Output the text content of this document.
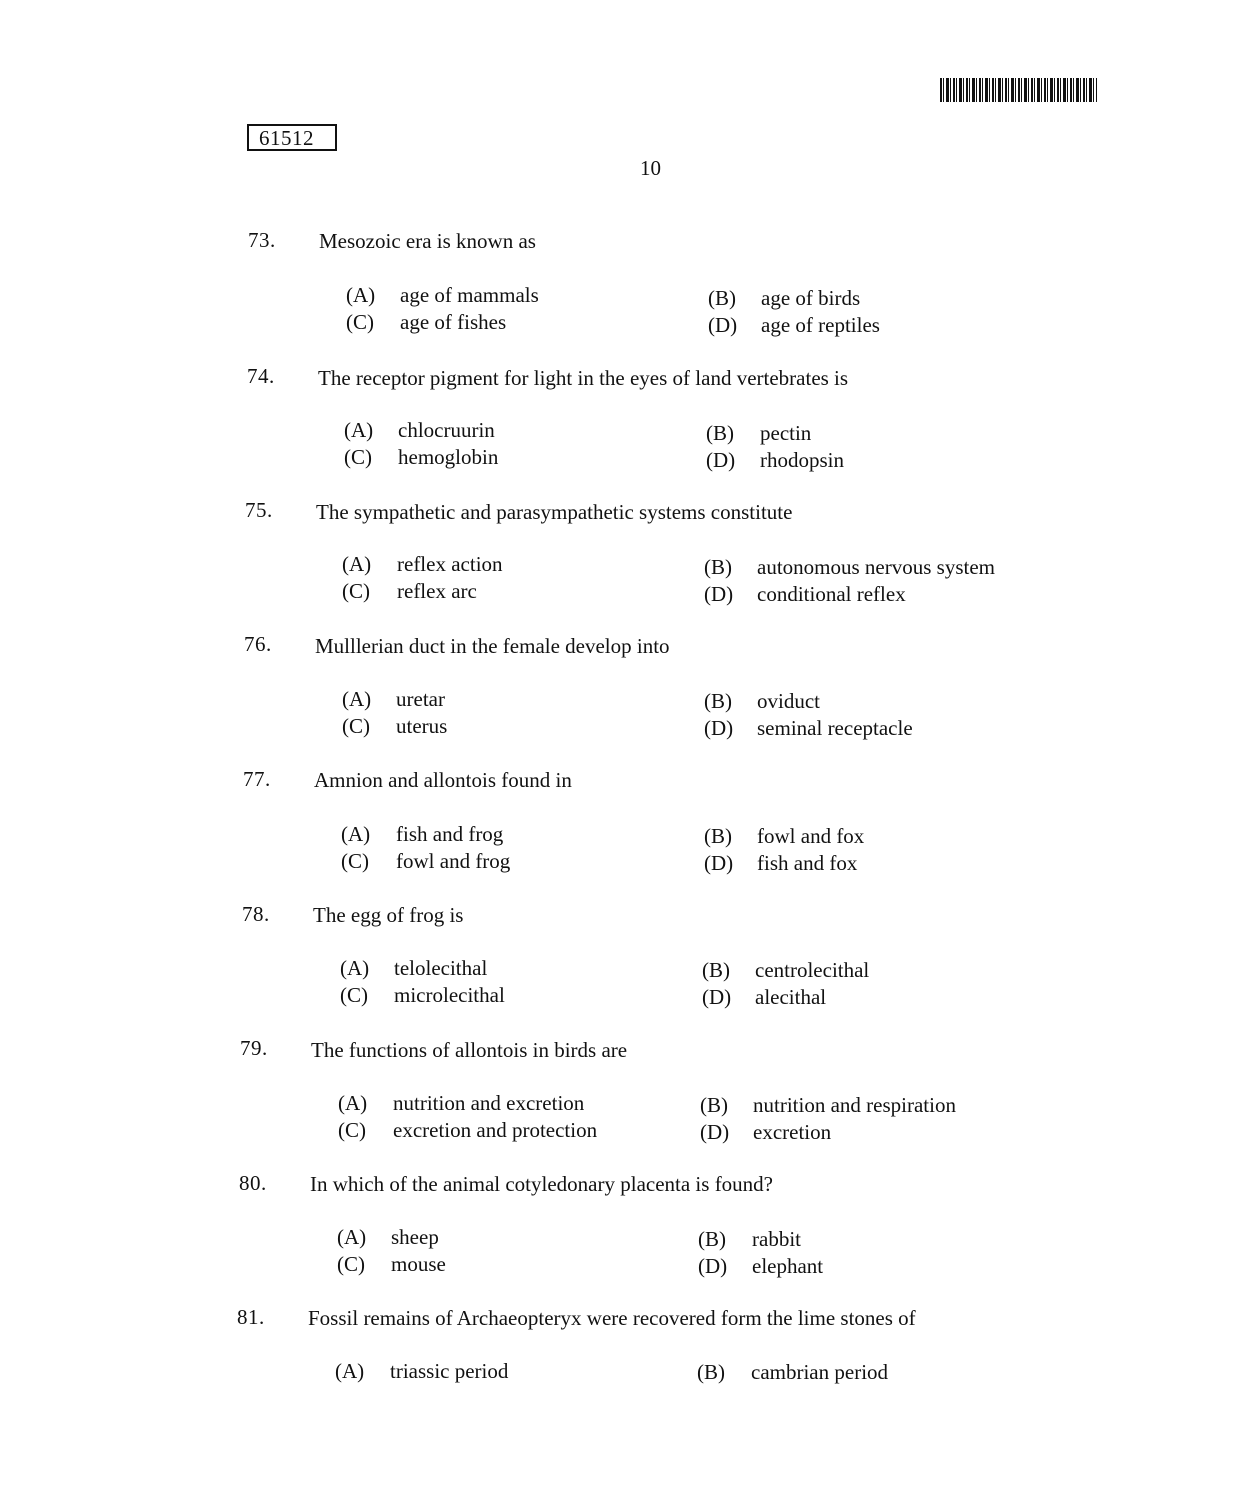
61512
10
73. Mesozoic era is known as
(A) age of mammals	(B) age of birds
(C) age of fishes	(D) age of reptiles
74. The receptor pigment for light in the eyes of land vertebrates is
(A) chlocruurin	(B) pectin
(C) hemoglobin	(D) rhodopsin
75. The sympathetic and parasympathetic systems constitute
(A) reflex action	(B) autonomous nervous system
(C) reflex arc	(D) conditional reflex
76. Mulllerian duct in the female develop into
(A) uretar	(B) oviduct
(C) uterus	(D) seminal receptacle
77. Amnion and allontois found in
(A) fish and frog	(B) fowl and fox
(C) fowl and frog	(D) fish and fox
78. The egg of frog is
(A) telolecithal	(B) centrolecithal
(C) microlecithal	(D) alecithal
79. The functions of allontois in birds are
(A) nutrition and excretion	(B) nutrition and respiration
(C) excretion and protection	(D) excretion
80. In which of the animal cotyledonary placenta is found?
(A) sheep	(B) rabbit
(C) mouse	(D) elephant
81. Fossil remains of Archaeopteryx were recovered form the lime stones of
(A) triassic period	(B) cambrian period
